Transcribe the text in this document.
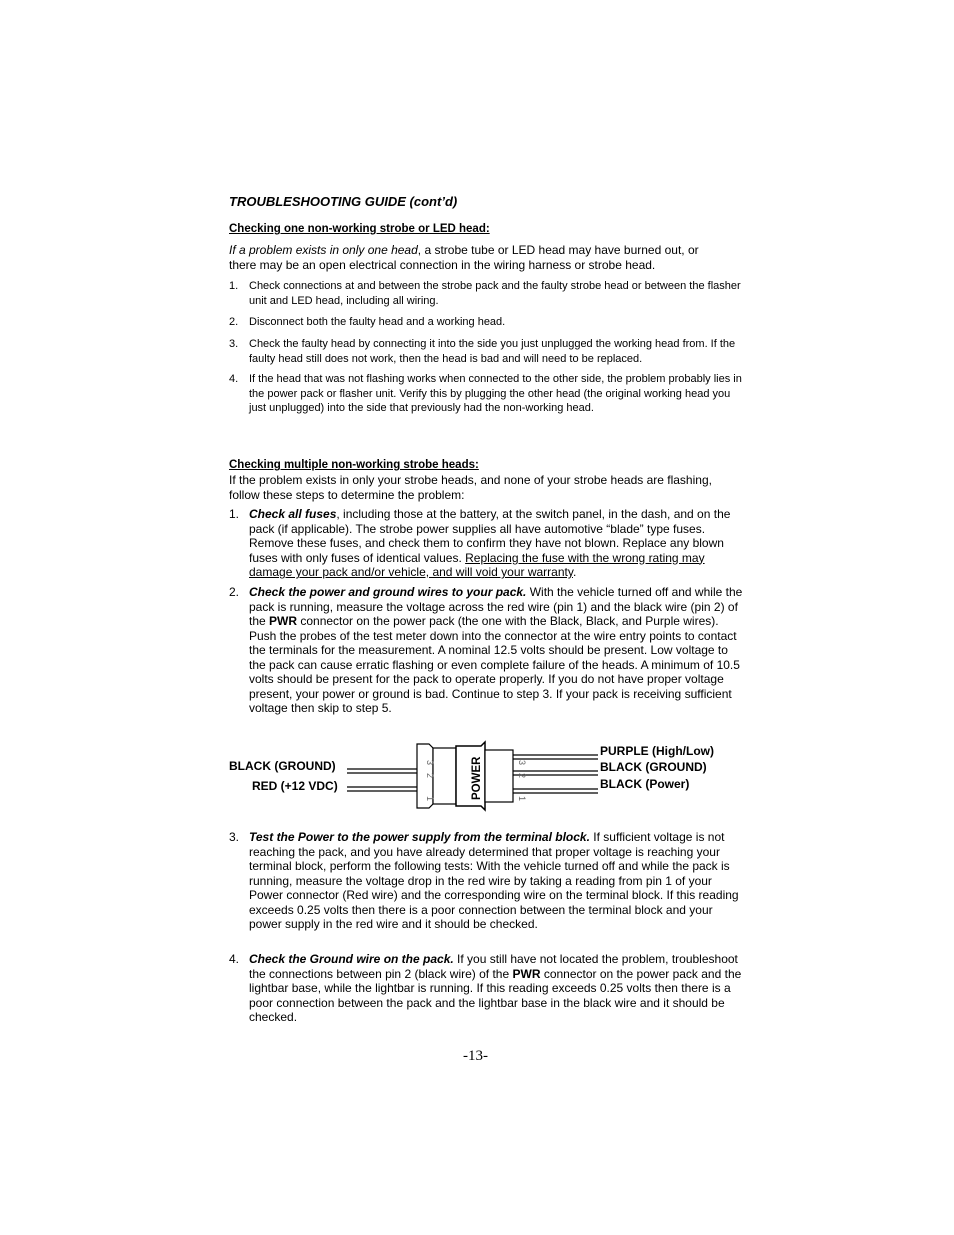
TROUBLESHOOTING GUIDE (cont’d)

Checking one non-working strobe or LED head:

If a problem exists in only one head, a strobe tube or LED head may have burned out, or there may be an open electrical connection in the wiring harness or strobe head.

1. Check connections at and between the strobe pack and the faulty strobe head or between the flasher unit and LED head, including all wiring.
2. Disconnect both the faulty head and a working head.
3. Check the faulty head by connecting it into the side you just unplugged the working head from. If the faulty head still does not work, then the head is bad and will need to be replaced.
4. If the head that was not flashing works when connected to the other side, the problem probably lies in the power pack or flasher unit. Verify this by plugging the other head (the original working head you just unplugged) into the side that previously had the non-working head.

Checking multiple non-working strobe heads:

If the problem exists in only your strobe heads, and none of your strobe heads are flashing, follow these steps to determine the problem:

1. Check all fuses, including those at the battery, at the switch panel, in the dash, and on the pack (if applicable). The strobe power supplies all have automotive “blade” type fuses. Remove these fuses, and check them to confirm they have not blown. Replace any blown fuses with only fuses of identical values. Replacing the fuse with the wrong rating may damage your pack and/or vehicle, and will void your warranty.
2. Check the power and ground wires to your pack. With the vehicle turned off and while the pack is running, measure the voltage across the red wire (pin 1) and the black wire (pin 2) of the PWR connector on the power pack (the one with the Black, Black, and Purple wires). Push the probes of the test meter down into the connector at the wire entry points to contact the terminals for the measurement. A nominal 12.5 volts should be present. Low voltage to the pack can cause erratic flashing or even complete failure of the heads. A minimum of 10.5 volts should be present for the pack to operate properly. If you do not have proper voltage present, your power or ground is bad. Continue to step 3. If your pack is receiving sufficient voltage then skip to step 5.
3
2
1
3
2
1
POWER
BLACK (GROUND)
RED (+12 VDC)
PURPLE (High/Low)
BLACK (GROUND)
BLACK (Power)
3. Test the Power to the power supply from the terminal block. If sufficient voltage is not reaching the pack, and you have already determined that proper voltage is reaching your terminal block, perform the following tests: With the vehicle turned off and while the pack is running, measure the voltage drop in the red wire by taking a reading from pin 1 of your Power connector (Red wire) and the corresponding wire on the terminal block. If this reading exceeds 0.25 volts then there is a poor connection between the terminal block and your power supply in the red wire and it should be checked.
4. Check the Ground wire on the pack. If you still have not located the problem, troubleshoot the connections between pin 2 (black wire) of the PWR connector on the power pack and the lightbar base, while the lightbar is running. If this reading exceeds 0.25 volts then there is a poor connection between the pack and the lightbar base in the black wire and it should be checked.
-13-
